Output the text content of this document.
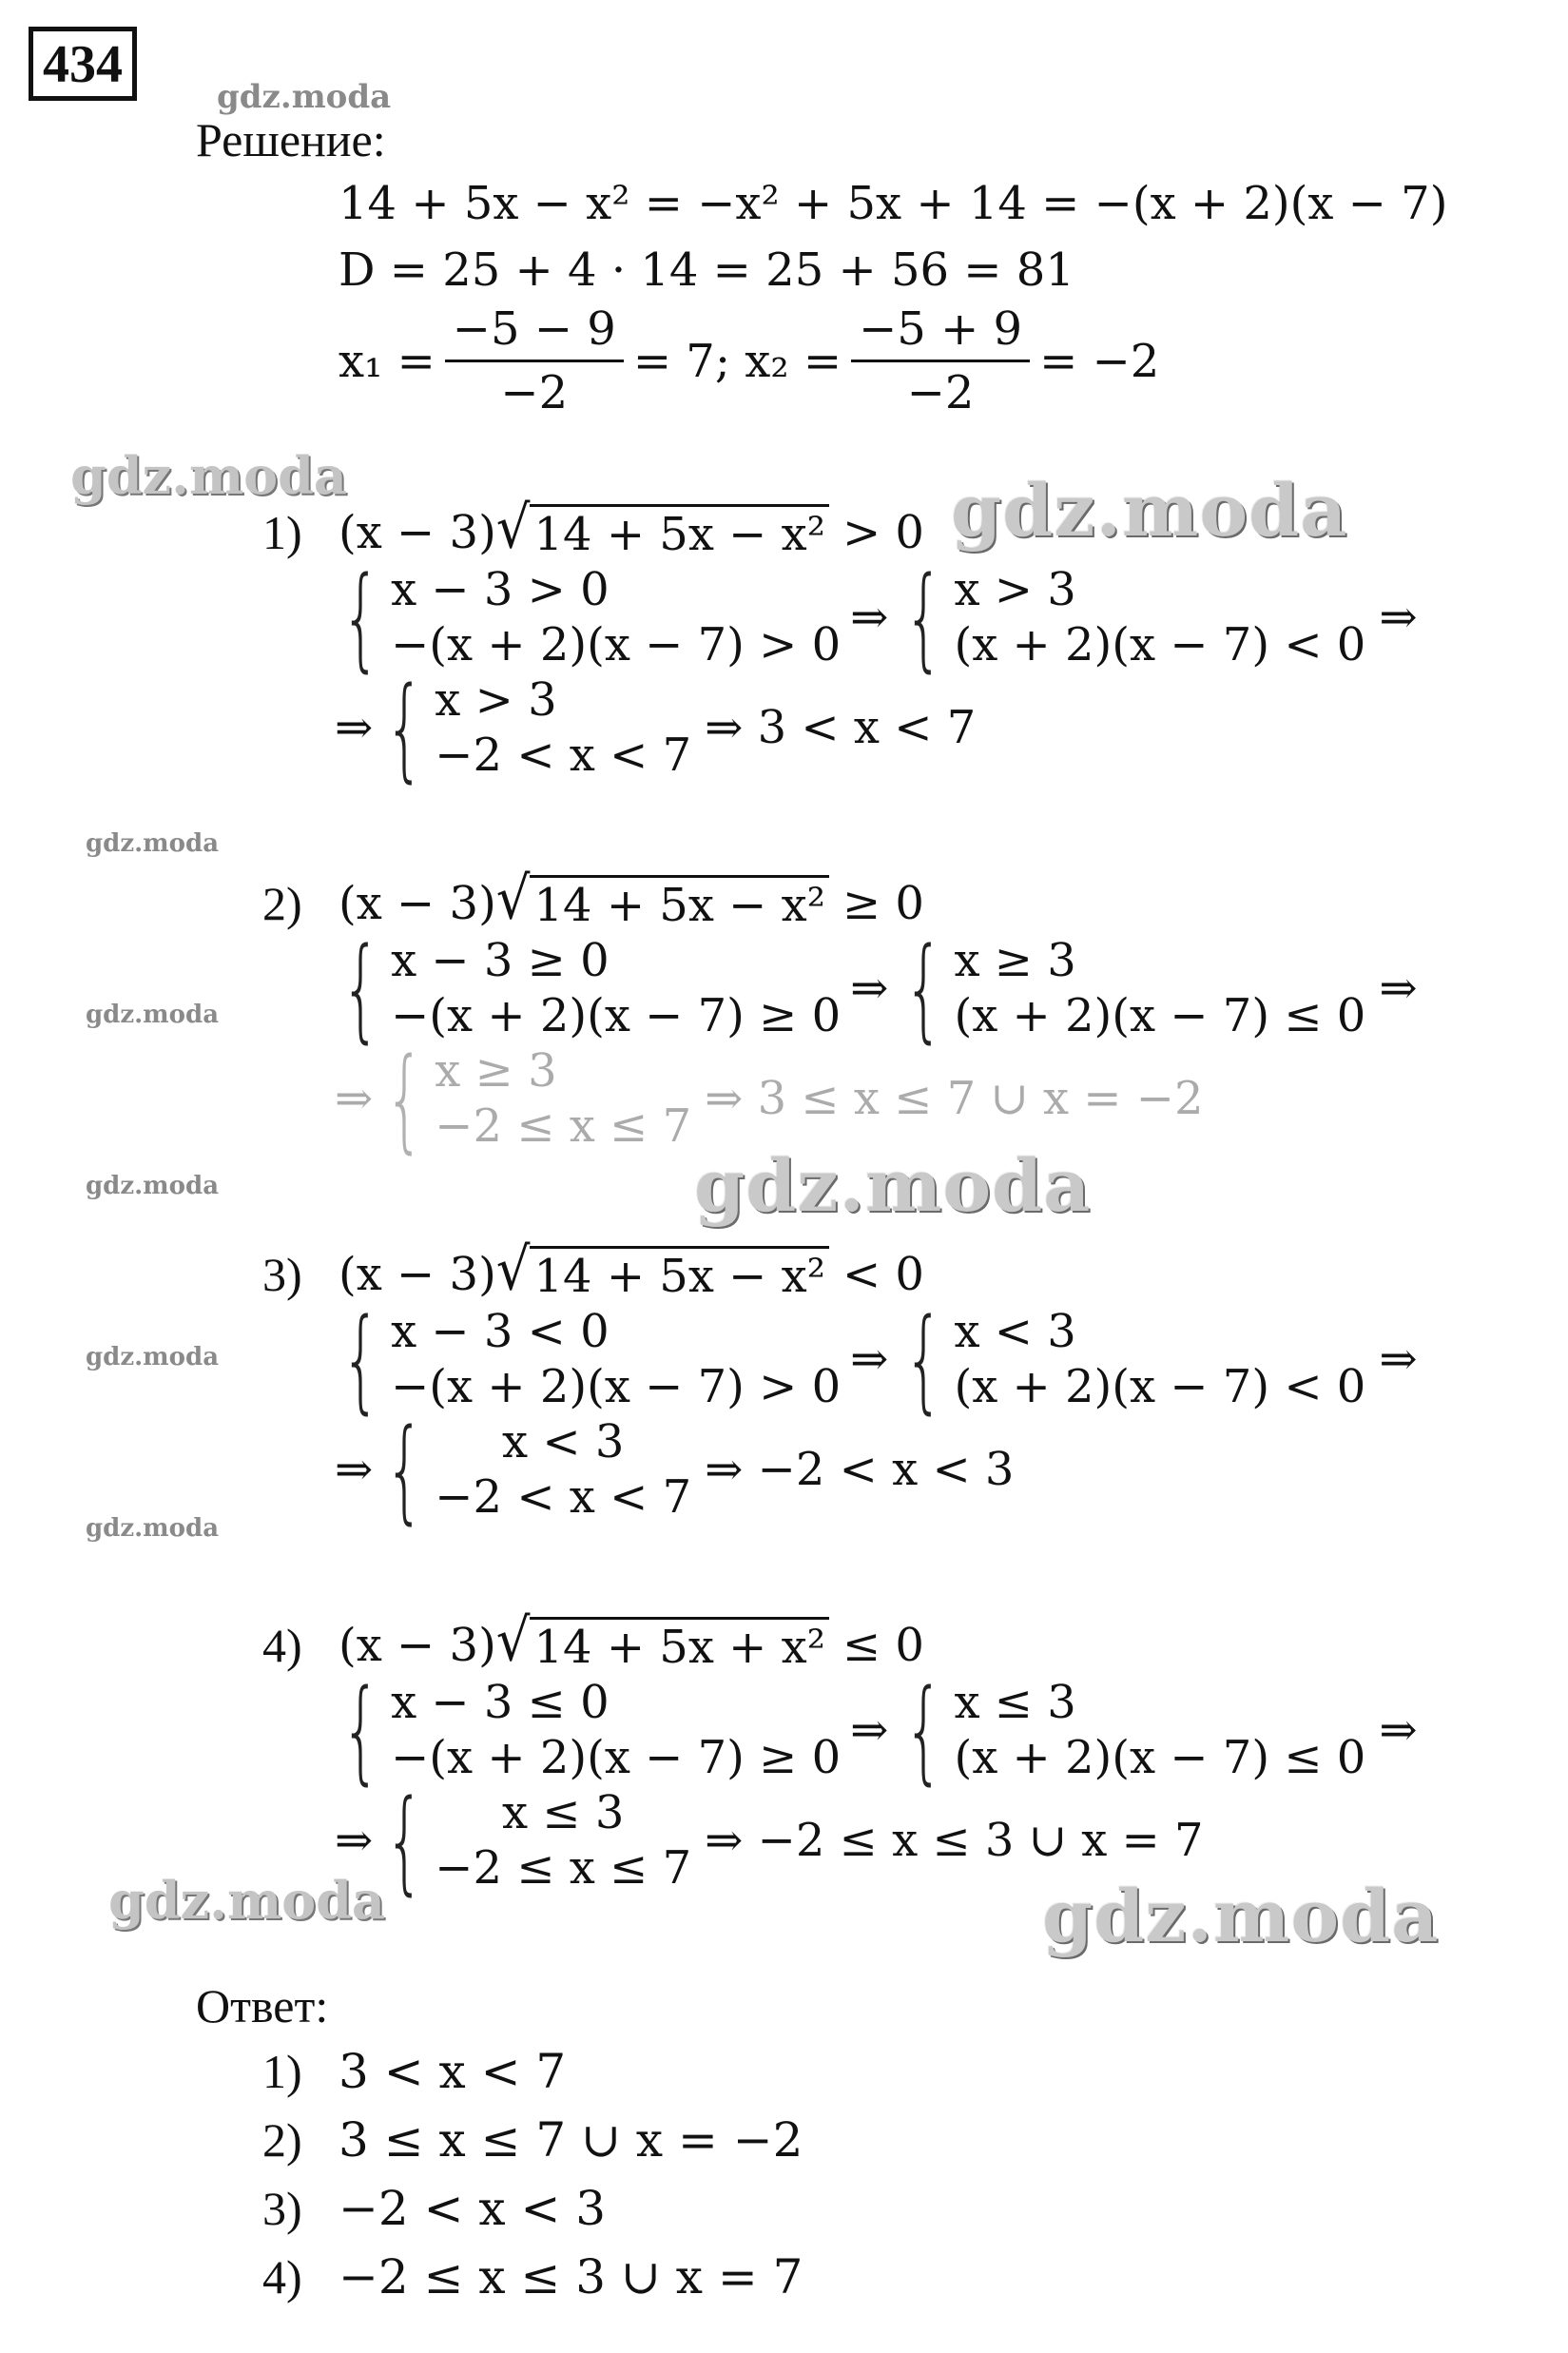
434
gdz.moda
gdz.moda	gdz.moda
gdz.moda
gdz.moda
gdz.moda	gdz.moda
gdz.moda
gdz.moda
gdz.moda	gdz.moda
Решение:
14 + 5x − x² = −x² + 5x + 14 = −(x + 2)(x − 7)
D = 25 + 4 · 14 = 25 + 56 = 81
$x_1 = \frac{-5 - 9}{-2} = 7$; $x_2 = \frac{-5 + 9}{-2} = -2$
1) (x − 3) √ 14 + 5x − x² > 0
{ x − 3 > 0
−(x + 2)(x − 7) > 0
⇒ { x > 3
(x + 2)(x − 7) < 0
⇒
⇒ { x > 3
−2 < x < 7
⇒ 3 < x < 7
2) (x − 3) √ 14 + 5x − x² ≥ 0
{ x − 3 ≥ 0
−(x + 2)(x − 7) ≥ 0
⇒ { x ≥ 3
(x + 2)(x − 7) ≤ 0
⇒
⇒ { x ≥ 3
−2 ≤ x ≤ 7
⇒ 3 ≤ x ≤ 7 ∪ x = −2
3) (x − 3) √ 14 + 5x − x² < 0
{ x − 3 < 0
−(x + 2)(x − 7) > 0
⇒ { x < 3
(x + 2)(x − 7) < 0
⇒
⇒ { x < 3
−2 < x < 7
⇒ −2 < x < 3
4) (x − 3) √ 14 + 5x + x² ≤ 0
{ x − 3 ≤ 0
−(x + 2)(x − 7) ≥ 0
⇒ { x ≤ 3
(x + 2)(x − 7) ≤ 0
⇒
⇒ { x ≤ 3
−2 ≤ x ≤ 7
⇒ −2 ≤ x ≤ 3 ∪ x = 7
Ответ:
1) 3 < x < 7
2) 3 ≤ x ≤ 7 ∪ x = −2
3) −2 < x < 3
4) −2 ≤ x ≤ 3 ∪ x = 7
